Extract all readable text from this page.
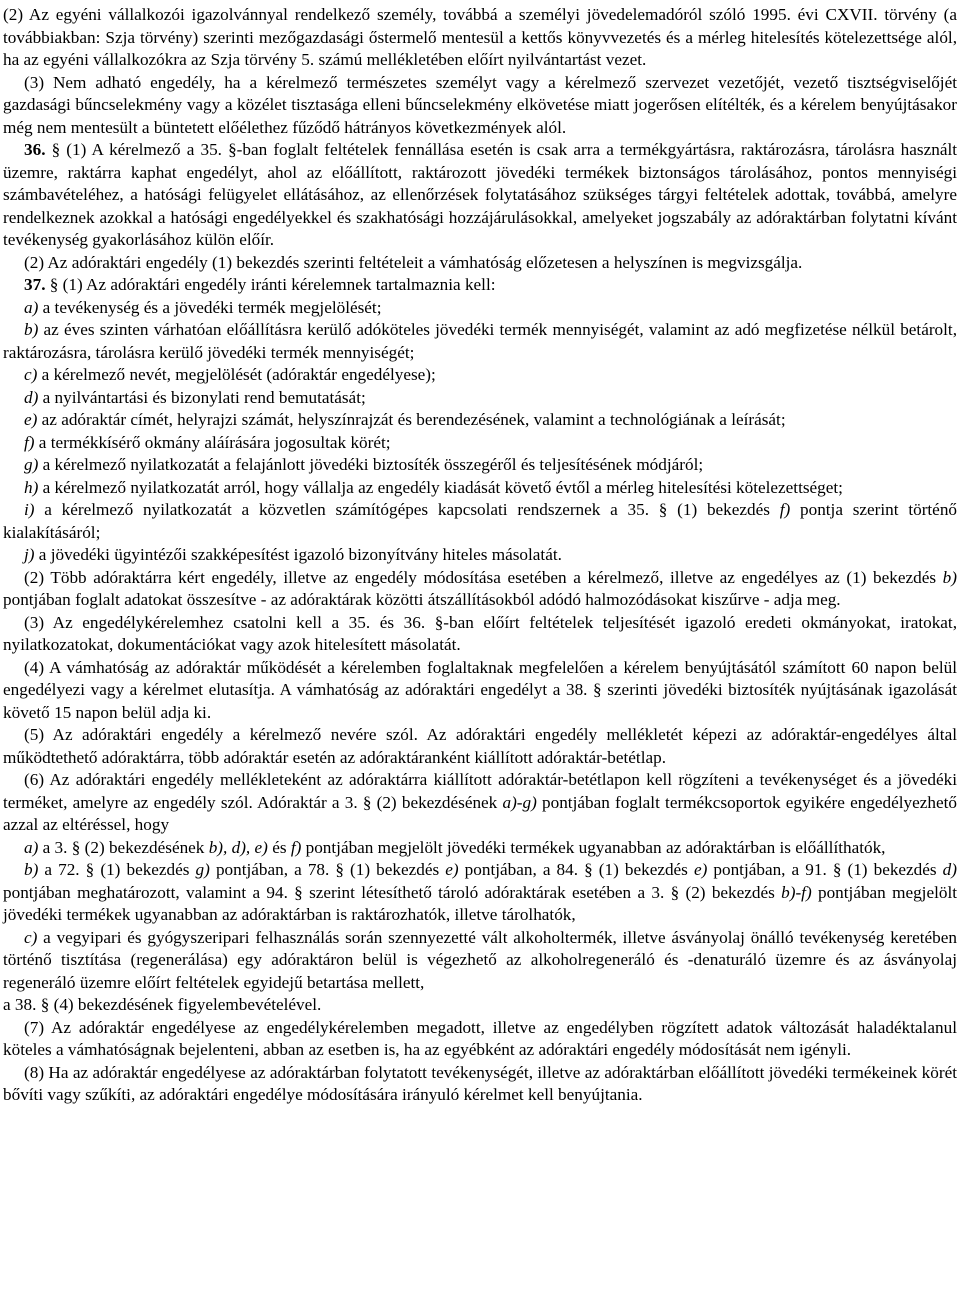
(2) Az egyéni vállalkozói igazolvánnyal rendelkező személy, továbbá a személyi jövedelemadóról szóló 1995. évi CXVII. törvény (a továbbiakban: Szja törvény) szerinti mezőgazdasági őstermelő mentesül a kettős könyvvezetés és a mérleg hitelesítés kötelezettsége alól, ha az egyéni vállalkozókra az Szja törvény 5. számú mellékletében előírt nyilvántartást vezet.

(3) Nem adható engedély, ha a kérelmező természetes személyt vagy a kérelmező szervezet vezetőjét, vezető tisztségviselőjét gazdasági bűncselekmény vagy a közélet tisztasága elleni bűncselekmény elkövetése miatt jogerősen elítélték, és a kérelem benyújtásakor még nem mentesült a büntetett előélethez fűződő hátrányos következmények alól.

36. § (1) A kérelmező a 35. §-ban foglalt feltételek fennállása esetén is csak arra a termékgyártásra, raktározásra, tárolásra használt üzemre, raktárra kaphat engedélyt, ahol az előállított, raktározott jövedéki termékek biztonságos tárolásához, pontos mennyiségi számbavételéhez, a hatósági felügyelet ellátásához, az ellenőrzések folytatásához szükséges tárgyi feltételek adottak, továbbá, amelyre rendelkeznek azokkal a hatósági engedélyekkel és szakhatósági hozzájárulásokkal, amelyeket jogszabály az adóraktárban folytatni kívánt tevékenység gyakorlásához külön előír.

(2) Az adóraktári engedély (1) bekezdés szerinti feltételeit a vámhatóság előzetesen a helyszínen is megvizsgálja.

37. § (1) Az adóraktári engedély iránti kérelemnek tartalmaznia kell:

a) a tevékenység és a jövedéki termék megjelölését;

b) az éves szinten várhatóan előállításra kerülő adóköteles jövedéki termék mennyiségét, valamint az adó megfizetése nélkül betárolt, raktározásra, tárolásra kerülő jövedéki termék mennyiségét;

c) a kérelmező nevét, megjelölését (adóraktár engedélyese);

d) a nyilvántartási és bizonylati rend bemutatását;

e) az adóraktár címét, helyrajzi számát, helyszínrajzát és berendezésének, valamint a technológiának a leírását;

f) a termékkísérő okmány aláírására jogosultak körét;

g) a kérelmező nyilatkozatát a felajánlott jövedéki biztosíték összegéről és teljesítésének módjáról;

h) a kérelmező nyilatkozatát arról, hogy vállalja az engedély kiadását követő évtől a mérleg hitelesítési kötelezettséget;

i) a kérelmező nyilatkozatát a közvetlen számítógépes kapcsolati rendszernek a 35. § (1) bekezdés f) pontja szerint történő kialakításáról;

j) a jövedéki ügyintézői szakképesítést igazoló bizonyítvány hiteles másolatát.

(2) Több adóraktárra kért engedély, illetve az engedély módosítása esetében a kérelmező, illetve az engedélyes az (1) bekezdés b) pontjában foglalt adatokat összesítve - az adóraktárak közötti átszállításokból adódó halmozódásokat kiszűrve - adja meg.

(3) Az engedélykérelemhez csatolni kell a 35. és 36. §-ban előírt feltételek teljesítését igazoló eredeti okmányokat, iratokat, nyilatkozatokat, dokumentációkat vagy azok hitelesített másolatát.

(4) A vámhatóság az adóraktár működését a kérelemben foglaltaknak megfelelően a kérelem benyújtásától számított 60 napon belül engedélyezi vagy a kérelmet elutasítja. A vámhatóság az adóraktári engedélyt a 38. § szerinti jövedéki biztosíték nyújtásának igazolását követő 15 napon belül adja ki.

(5) Az adóraktári engedély a kérelmező nevére szól. Az adóraktári engedély mellékletét képezi az adóraktár-engedélyes által működtethető adóraktárra, több adóraktár esetén az adóraktáranként kiállított adóraktár-betétlap.

(6) Az adóraktári engedély mellékleteként az adóraktárra kiállított adóraktár-betétlapon kell rögzíteni a tevékenységet és a jövedéki terméket, amelyre az engedély szól. Adóraktár a 3. § (2) bekezdésének a)-g) pontjában foglalt termékcsoportok egyikére engedélyezhető azzal az eltéréssel, hogy

a) a 3. § (2) bekezdésének b), d), e) és f) pontjában megjelölt jövedéki termékek ugyanabban az adóraktárban is előállíthatók,

b) a 72. § (1) bekezdés g) pontjában, a 78. § (1) bekezdés e) pontjában, a 84. § (1) bekezdés e) pontjában, a 91. § (1) bekezdés d) pontjában meghatározott, valamint a 94. § szerint létesíthető tároló adóraktárak esetében a 3. § (2) bekezdés b)-f) pontjában megjelölt jövedéki termékek ugyanabban az adóraktárban is raktározhatók, illetve tárolhatók,

c) a vegyipari és gyógyszeripari felhasználás során szennyezetté vált alkoholtermék, illetve ásványolaj önálló tevékenység keretében történő tisztítása (regenerálása) egy adóraktáron belül is végezhető az alkoholregeneráló és -denaturáló üzemre és az ásványolaj regeneráló üzemre előírt feltételek egyidejű betartása mellett,

a 38. § (4) bekezdésének figyelembevételével.

(7) Az adóraktár engedélyese az engedélykérelemben megadott, illetve az engedélyben rögzített adatok változását haladéktalanul köteles a vámhatóságnak bejelenteni, abban az esetben is, ha az egyébként az adóraktári engedély módosítását nem igényli.

(8) Ha az adóraktár engedélyese az adóraktárban folytatott tevékenységét, illetve az adóraktárban előállított jövedéki termékeinek körét bővíti vagy szűkíti, az adóraktári engedélye módosítására irányuló kérelmet kell benyújtania.
